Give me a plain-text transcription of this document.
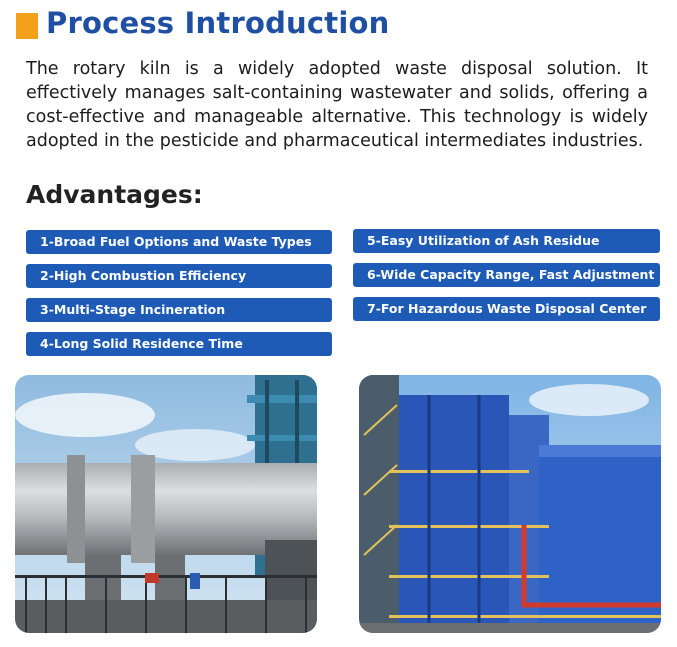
Process Introduction

The rotary kiln is a widely adopted waste disposal solution. It effectively manages salt-containing wastewater and solids, offering a cost-effective and manageable alternative. This technology is widely adopted in the pesticide and pharmaceutical intermediates industries.

Advantages:
1-Broad Fuel Options and Waste Types
2-High Combustion Efficiency
3-Multi-Stage Incineration
4-Long Solid Residence Time
5-Easy Utilization of Ash Residue
6-Wide Capacity Range, Fast Adjustment
7-For Hazardous Waste Disposal Center
